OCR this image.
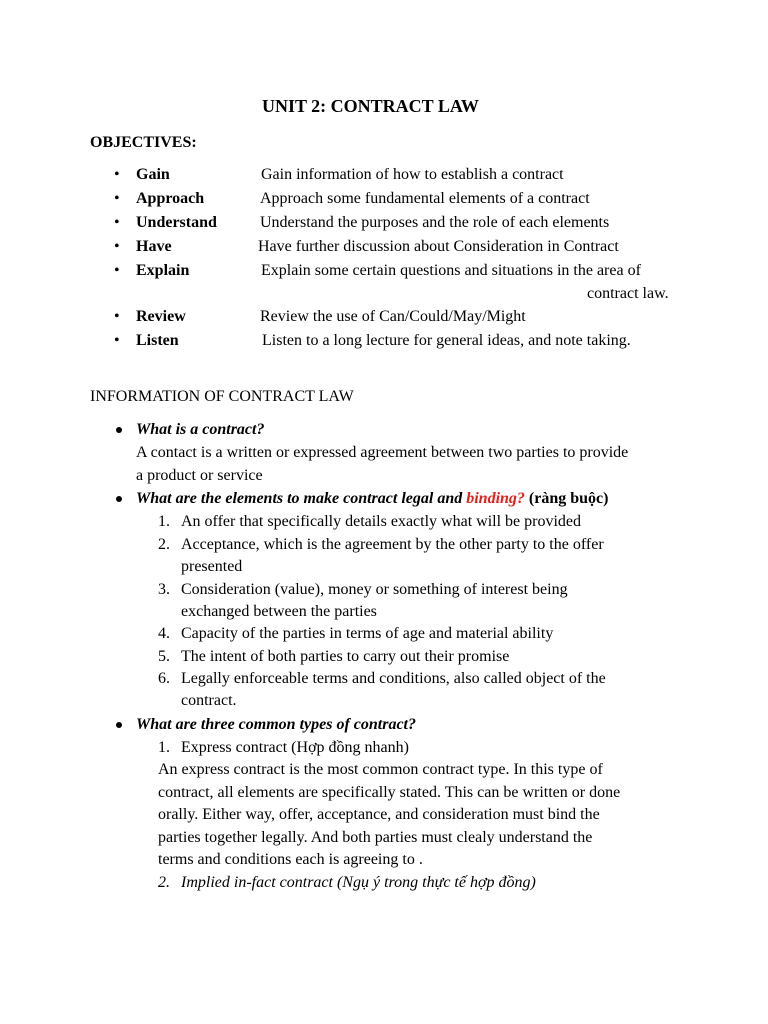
UNIT 2: CONTRACT LAW
OBJECTIVES:
• Gain	Gain information of how to establish a contract
• Approach	Approach some fundamental elements of a contract
• Understand	Understand the purposes and the role of each elements
• Have	Have further discussion about Consideration in Contract
• Explain	Explain some certain questions and situations in the area of
contract law.
• Review	Review the use of Can/Could/May/Might
• Listen	Listen to a long lecture for general ideas, and note taking.
INFORMATION OF CONTRACT LAW
What is a contract?
A contact is a written or expressed agreement between two parties to provide
a product or service
What are the elements to make contract legal and binding? (ràng buộc)
1. An offer that specifically details exactly what will be provided
2. Acceptance, which is the agreement by the other party to the offer
presented
3. Consideration (value), money or something of interest being
exchanged between the parties
4. Capacity of the parties in terms of age and material ability
5. The intent of both parties to carry out their promise
6. Legally enforceable terms and conditions, also called object of the
contract.
What are three common types of contract?
1. Express contract (Hợp đồng nhanh)
An express contract is the most common contract type. In this type of
contract, all elements are specifically stated. This can be written or done
orally. Either way, offer, acceptance, and consideration must bind the
parties together legally. And both parties must clealy understand the
terms and conditions each is agreeing to .
2. Implied in-fact contract (Ngụ ý trong thực tế hợp đồng)
